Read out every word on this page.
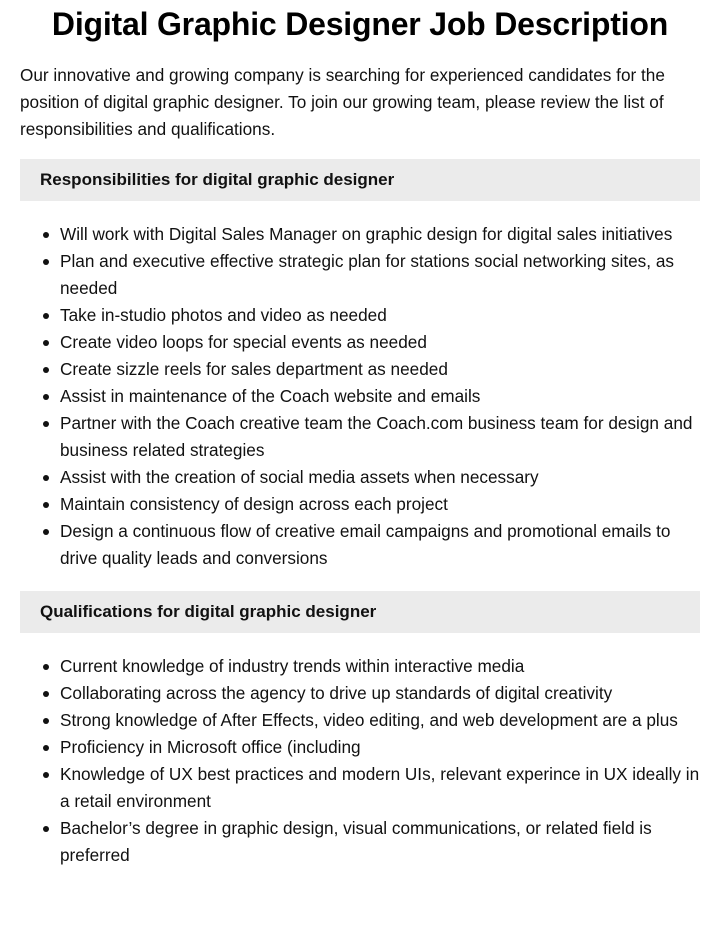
Digital Graphic Designer Job Description

Our innovative and growing company is searching for experienced candidates for the position of digital graphic designer. To join our growing team, please review the list of responsibilities and qualifications.

Responsibilities for digital graphic designer
Will work with Digital Sales Manager on graphic design for digital sales initiatives
Plan and executive effective strategic plan for stations social networking sites, as needed
Take in-studio photos and video as needed
Create video loops for special events as needed
Create sizzle reels for sales department as needed
Assist in maintenance of the Coach website and emails
Partner with the Coach creative team the Coach.com business team for design and business related strategies
Assist with the creation of social media assets when necessary
Maintain consistency of design across each project
Design a continuous flow of creative email campaigns and promotional emails to drive quality leads and conversions
Qualifications for digital graphic designer
Current knowledge of industry trends within interactive media
Collaborating across the agency to drive up standards of digital creativity
Strong knowledge of After Effects, video editing, and web development are a plus
Proficiency in Microsoft office (including
Knowledge of UX best practices and modern UIs, relevant experince in UX ideally in a retail environment
Bachelor’s degree in graphic design, visual communications, or related field is preferred
